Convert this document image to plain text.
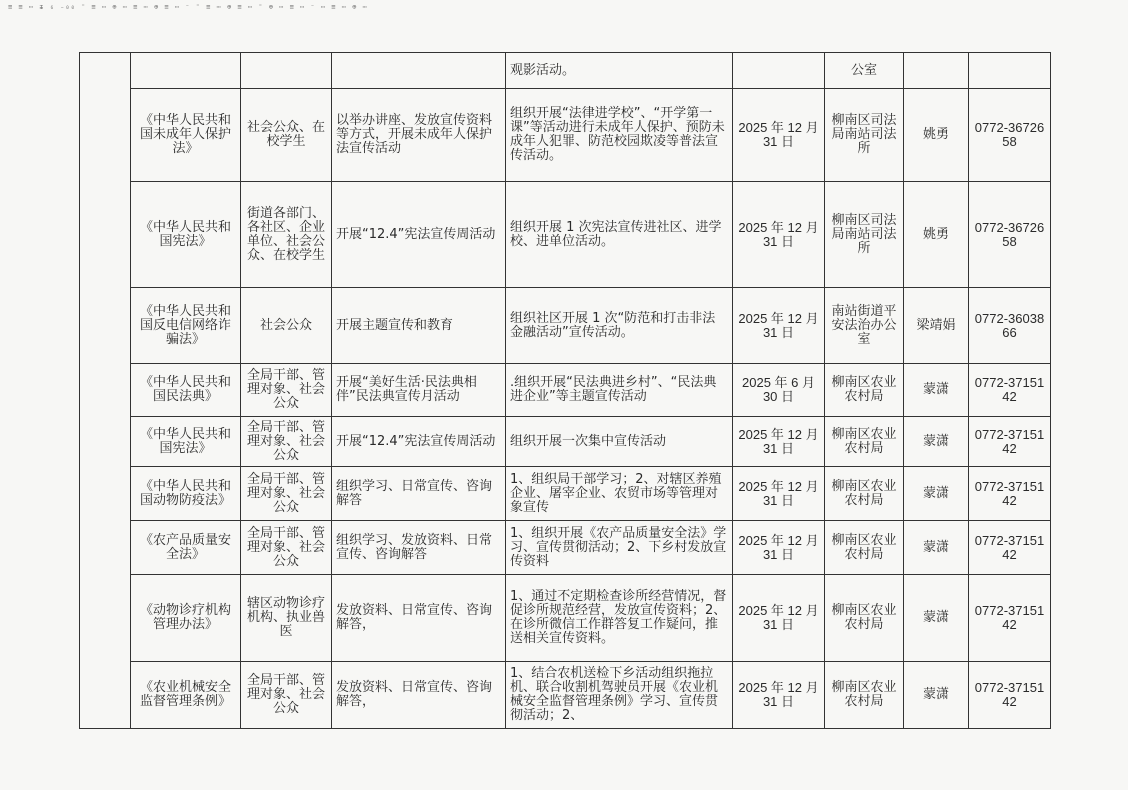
≡ ≡ ⋯ ᵻ ₆ ₋₀₀ ⁼ ≡ ⋯ ⊕ ⋯ ≡ ⋯ ⊕ ≡ ⋯ ⁻ ⁼ ≡ ⋯ ⊕ ≡ ⋯ ⁼ ⊕ ⋯ ≡ ⋯ ⁻ ⋯ ≡ ⋯ ⊕ ⋯
				观影活动。		公室		
	《中华人民共和国未成年人保护法》	社会公众、在校学生	以举办讲座、发放宣传资料等方式，开展未成年人保护法宣传活动	组织开展“法律进学校”、“开学第一课”等活动进行未成年人保护、预防未成年人犯罪、防范校园欺凌等普法宣传活动。	2025 年 12 月 31 日	柳南区司法局南站司法所	姚勇	0772-3672658
	《中华人民共和国宪法》	街道各部门、各社区、企业单位、社会公众、在校学生	开展“12.4”宪法宣传周活动	组织开展 1 次宪法宣传进社区、进学校、进单位活动。	2025 年 12 月 31 日	柳南区司法局南站司法所	姚勇	0772-3672658
	《中华人民共和国反电信网络诈骗法》	社会公众	开展主题宣传和教育	组织社区开展 1 次“防范和打击非法金融活动”宣传活动。	2025 年 12 月 31 日	南站街道平安法治办公室	梁靖娟	0772-3603866
	《中华人民共和国民法典》	全局干部、管理对象、社会公众	开展“美好生活·民法典相伴”民法典宣传月活动	.组织开展“民法典进乡村”、“民法典进企业”等主题宣传活动	2025 年 6 月 30 日	柳南区农业农村局	蒙潇	0772-3715142
	《中华人民共和国宪法》	全局干部、管理对象、社会公众	开展“12.4”宪法宣传周活动	组织开展一次集中宣传活动	2025 年 12 月 31 日	柳南区农业农村局	蒙潇	0772-3715142
	《中华人民共和国动物防疫法》	全局干部、管理对象、社会公众	组织学习、日常宣传、咨询解答	1、组织局干部学习；2、对辖区养殖企业、屠宰企业、农贸市场等管理对象宣传	2025 年 12 月 31 日	柳南区农业农村局	蒙潇	0772-3715142
	《农产品质量安全法》	全局干部、管理对象、社会公众	组织学习、发放资料、日常宣传、咨询解答	1、组织开展《农产品质量安全法》学习、宣传贯彻活动；2、下乡村发放宣传资料	2025 年 12 月 31 日	柳南区农业农村局	蒙潇	0772-3715142
	《动物诊疗机构管理办法》	辖区动物诊疗机构、执业兽医	发放资料、日常宣传、咨询解答，	1、通过不定期检查诊所经营情况，督促诊所规范经营，发放宣传资料；2、在诊所微信工作群答复工作疑问，推送相关宣传资料。	2025 年 12 月 31 日	柳南区农业农村局	蒙潇	0772-3715142
	《农业机械安全监督管理条例》	全局干部、管理对象、社会公众	发放资料、日常宣传、咨询解答，	1、结合农机送检下乡活动组织拖拉机、联合收割机驾驶员开展《农业机械安全监督管理条例》学习、宣传贯彻活动；2、	2025 年 12 月 31 日	柳南区农业农村局	蒙潇	0772-3715142
